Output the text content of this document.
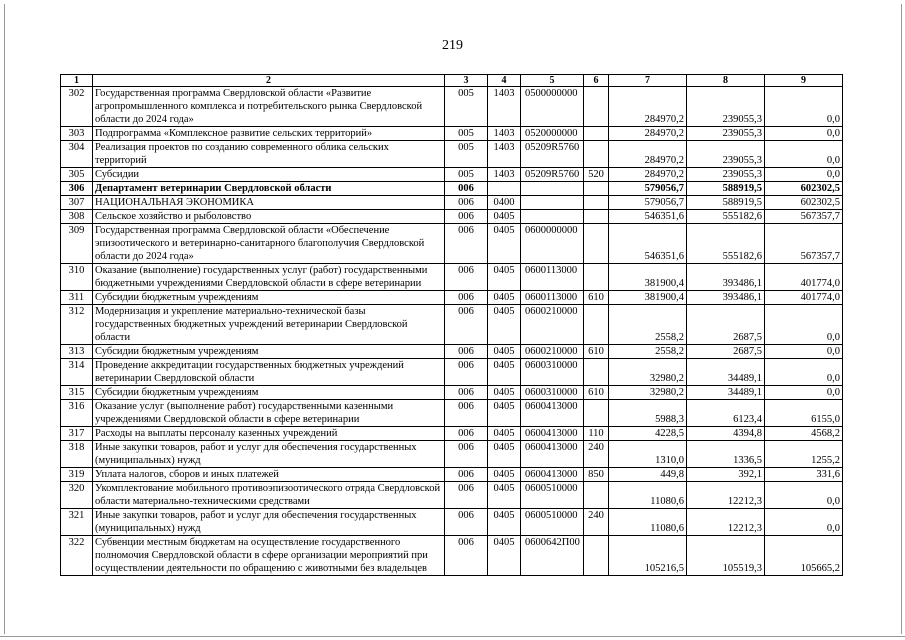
219
1	2	3	4	5	6	7	8	9
302	Государственная программа Свердловской области «Развитие агропромышленного комплекса и потребительского рынка Свердловской области до 2024 года»	005	1403	0500000000		284970,2	239055,3	0,0
303	Подпрограмма «Комплексное развитие сельских территорий»	005	1403	0520000000		284970,2	239055,3	0,0
304	Реализация проектов по созданию современного облика сельских территорий	005	1403	05209R5760		284970,2	239055,3	0,0
305	Субсидии	005	1403	05209R5760	520	284970,2	239055,3	0,0
306	Департамент ветеринарии Свердловской области	006				579056,7	588919,5	602302,5
307	НАЦИОНАЛЬНАЯ ЭКОНОМИКА	006	0400			579056,7	588919,5	602302,5
308	Сельское хозяйство и рыболовство	006	0405			546351,6	555182,6	567357,7
309	Государственная программа Свердловской области «Обеспечение эпизоотического и ветеринарно-санитарного благополучия Свердловской области до 2024 года»	006	0405	0600000000		546351,6	555182,6	567357,7
310	Оказание (выполнение) государственных услуг (работ) государственными бюджетными учреждениями Свердловской области в сфере ветеринарии	006	0405	0600113000		381900,4	393486,1	401774,0
311	Субсидии бюджетным учреждениям	006	0405	0600113000	610	381900,4	393486,1	401774,0
312	Модернизация и укрепление материально-технической базы государственных бюджетных учреждений ветеринарии Свердловской области	006	0405	0600210000		2558,2	2687,5	0,0
313	Субсидии бюджетным учреждениям	006	0405	0600210000	610	2558,2	2687,5	0,0
314	Проведение аккредитации государственных бюджетных учреждений ветеринарии Свердловской области	006	0405	0600310000		32980,2	34489,1	0,0
315	Субсидии бюджетным учреждениям	006	0405	0600310000	610	32980,2	34489,1	0,0
316	Оказание услуг (выполнение работ) государственными казенными учреждениями Свердловской области в сфере ветеринарии	006	0405	0600413000		5988,3	6123,4	6155,0
317	Расходы на выплаты персоналу казенных учреждений	006	0405	0600413000	110	4228,5	4394,8	4568,2
318	Иные закупки товаров, работ и услуг для обеспечения государственных (муниципальных) нужд	006	0405	0600413000	240	1310,0	1336,5	1255,2
319	Уплата налогов, сборов и иных платежей	006	0405	0600413000	850	449,8	392,1	331,6
320	Укомплектование мобильного противоэпизоотического отряда Свердловской области материально-техническими средствами	006	0405	0600510000		11080,6	12212,3	0,0
321	Иные закупки товаров, работ и услуг для обеспечения государственных (муниципальных) нужд	006	0405	0600510000	240	11080,6	12212,3	0,0
322	Субвенции местным бюджетам на осуществление государственного полномочия Свердловской области в сфере организации мероприятий при осуществлении деятельности по обращению с животными без владельцев	006	0405	0600642П00		105216,5	105519,3	105665,2
